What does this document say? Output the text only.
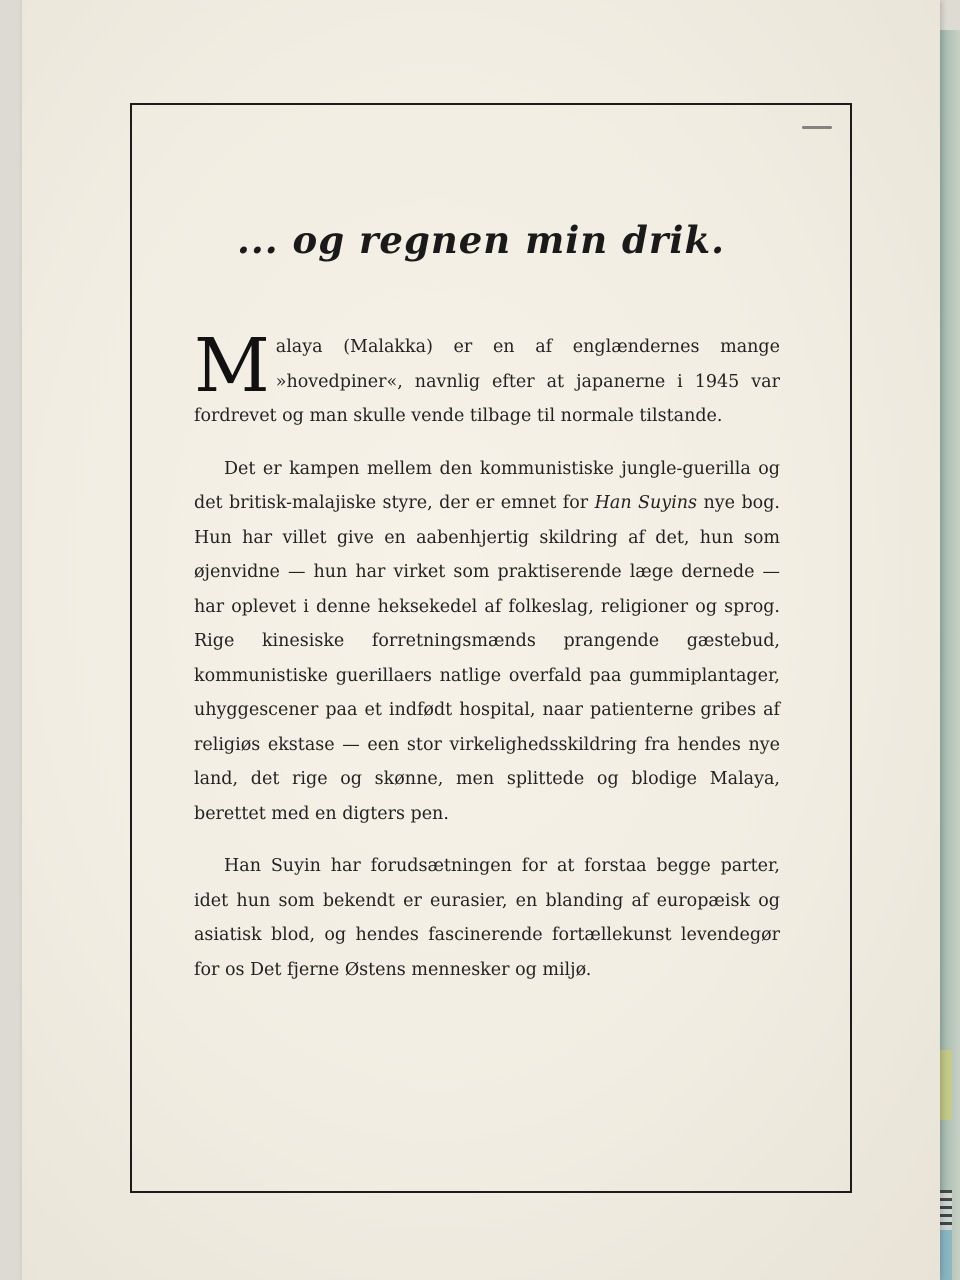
... og regnen min drik.

Malaya (Malakka) er en af englændernes mange »hovedpiner«, navnlig efter at japanerne i 1945 var fordrevet og man skulle vende tilbage til normale tilstande.

Det er kampen mellem den kommunistiske jungle-guerilla og det britisk-malajiske styre, der er emnet for Han Suyins nye bog. Hun har villet give en aabenhjertig skildring af det, hun som øjenvidne — hun har virket som praktiserende læge dernede — har oplevet i denne heksekedel af folkeslag, religioner og sprog. Rige kinesiske forretningsmænds prangende gæstebud, kommunistiske guerillaers natlige overfald paa gummiplantager, uhyggescener paa et indfødt hospital, naar patienterne gribes af religiøs ekstase — een stor virkelighedsskildring fra hendes nye land, det rige og skønne, men splittede og blodige Malaya, berettet med en digters pen.

Han Suyin har forudsætningen for at forstaa begge parter, idet hun som bekendt er eurasier, en blanding af europæisk og asiatisk blod, og hendes fascinerende fortællekunst levendegør for os Det fjerne Østens mennesker og miljø.
